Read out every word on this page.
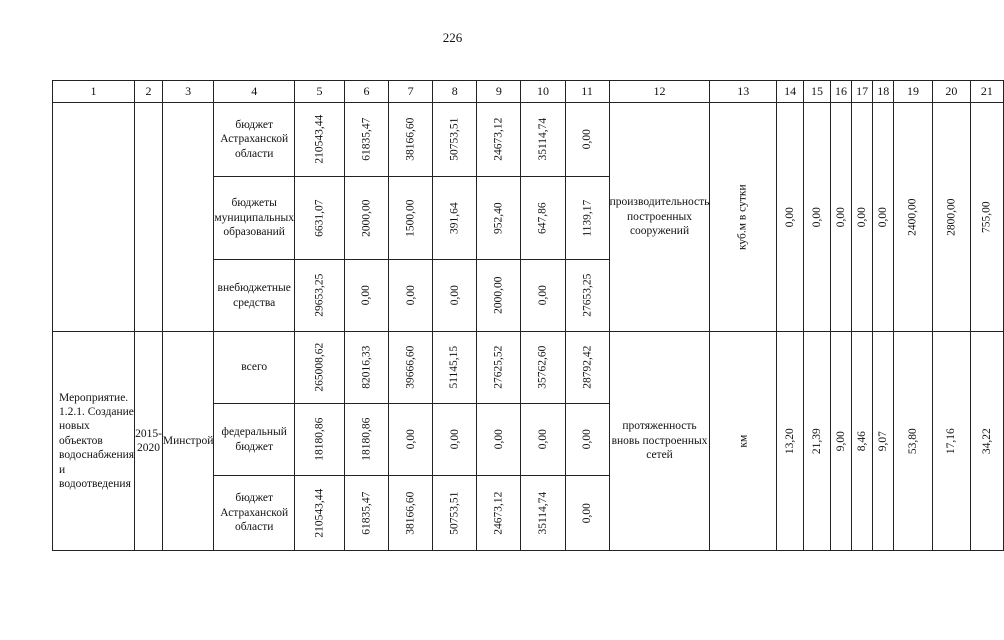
226
1	2	3	4	5	6	7	8	9	10	11	12	13	14	15	16	17	18	19	20	21
			бюджет Астраханской области	210543,44	61835,47	38166,60	50753,51	24673,12	35114,74	0,00	производительность построенных сооружений	куб.м в сутки	0,00	0,00	0,00	0,00	0,00	2400,00	2800,00	755,00
			бюджеты муниципальных образований	6631,07	2000,00	1500,00	391,64	952,40	647,86	1139,17										
			внебюджетные средства	29653,25	0,00	0,00	0,00	2000,00	0,00	27653,25										
Мероприятие. 1.2.1. Создание новых объектов водоснабжения и водоотведения	2015-2020	Минстрой	всего	265008,62	82016,33	39666,60	51145,15	27625,52	35762,60	28792,42	протяженность вновь построенных сетей	км	13,20	21,39	9,00	8,46	9,07	53,80	17,16	34,22
			федеральный бюджет	18180,86	18180,86	0,00	0,00	0,00	0,00	0,00										
			бюджет Астраханской области	210543,44	61835,47	38166,60	50753,51	24673,12	35114,74	0,00										
